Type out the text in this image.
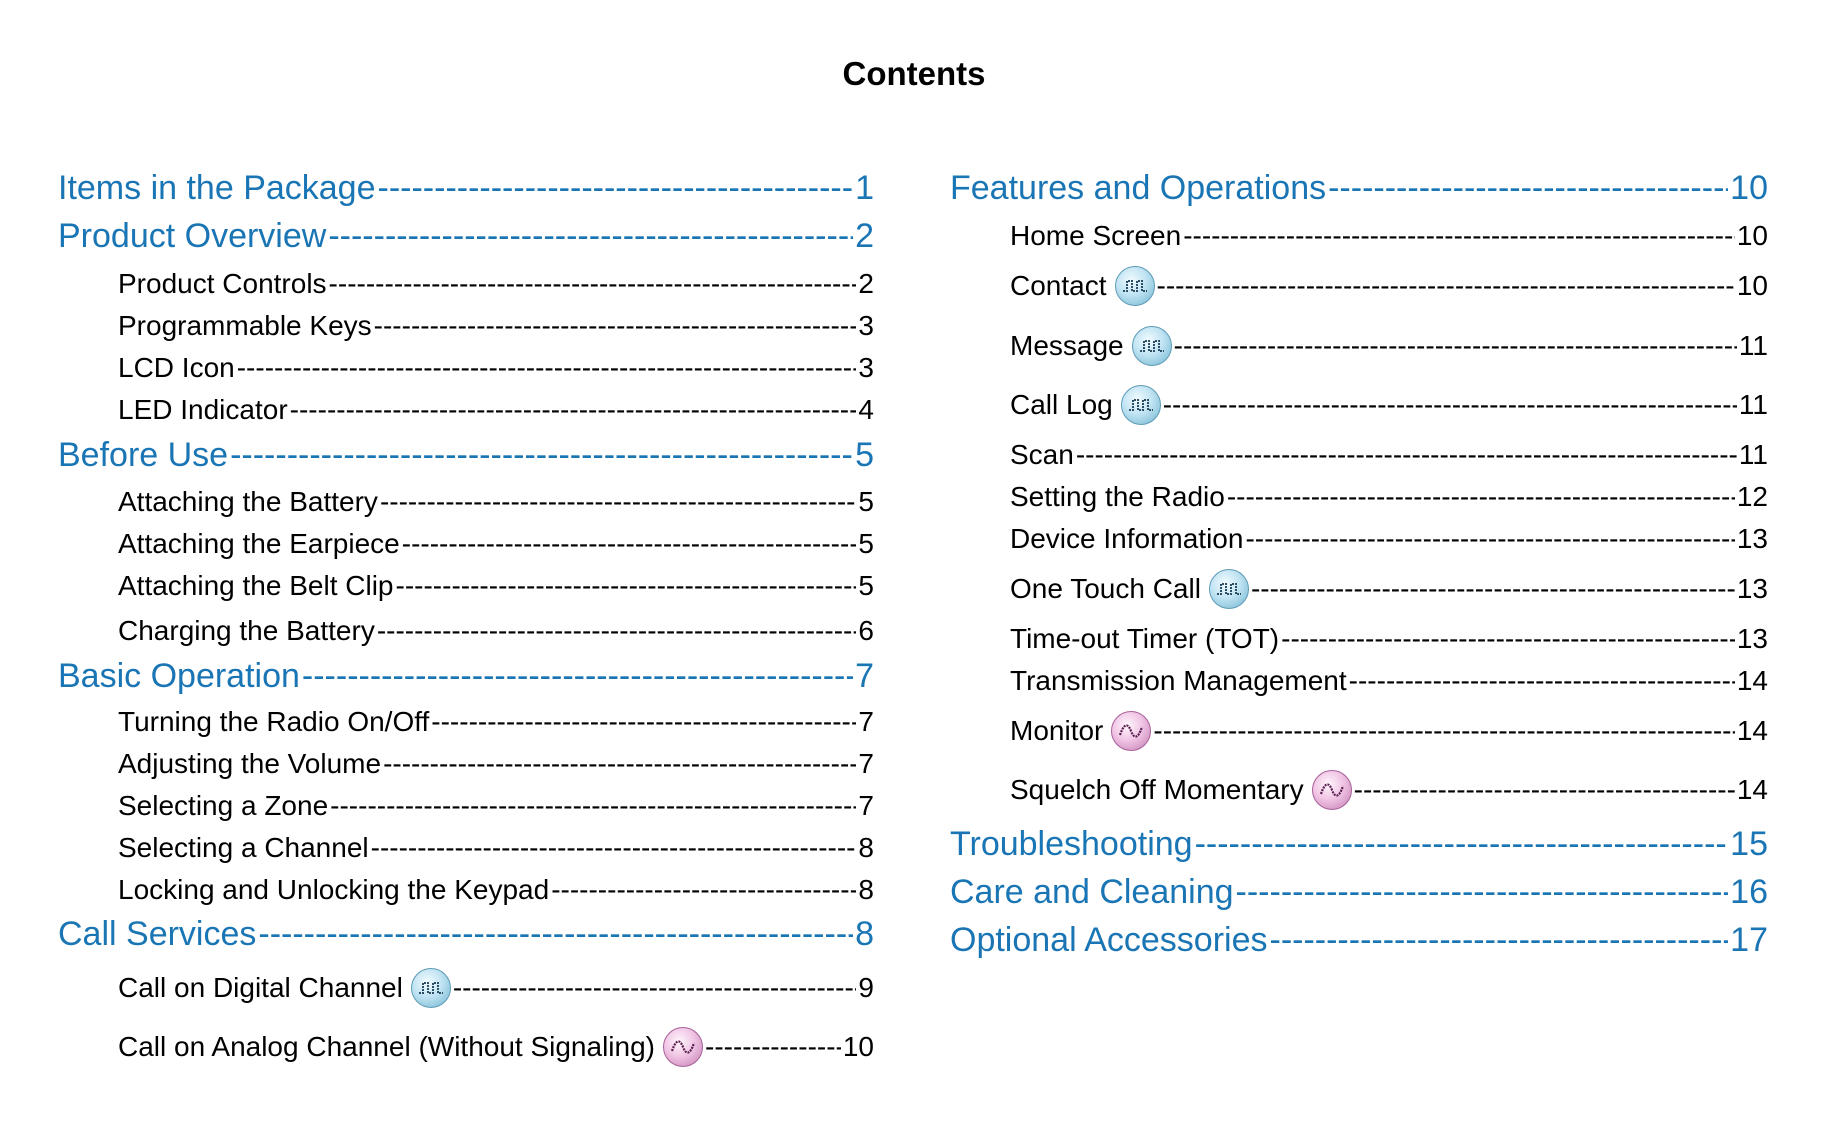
Contents
Items in the Package -----	1
Product Overview -----	2
Product Controls -----	2
Programmable Keys -----	3
LCD Icon -----	3
LED Indicator -----	4
Before Use -----	5
Attaching the Battery -----	5
Attaching the Earpiece -----	5
Attaching the Belt Clip -----	5
Charging the Battery -----	6
Basic Operation -----	7
Turning the Radio On/Off -----	7
Adjusting the Volume -----	7
Selecting a Zone -----	7
Selecting a Channel -----	8
Locking and Unlocking the Keypad -----	8
Call Services -----	8
Call on Digital Channel -----	9
Call on Analog Channel (Without Signaling) -----	10
Features and Operations -----	10
Home Screen -----	10
Contact -----	10
Message -----	11
Call Log -----	11
Scan -----	11
Setting the Radio -----	12
Device Information -----	13
One Touch Call -----	13
Time-out Timer (TOT) -----	13
Transmission Management -----	14
Monitor -----	14
Squelch Off Momentary -----	14
Troubleshooting -----	15
Care and Cleaning -----	16
Optional Accessories -----	17
